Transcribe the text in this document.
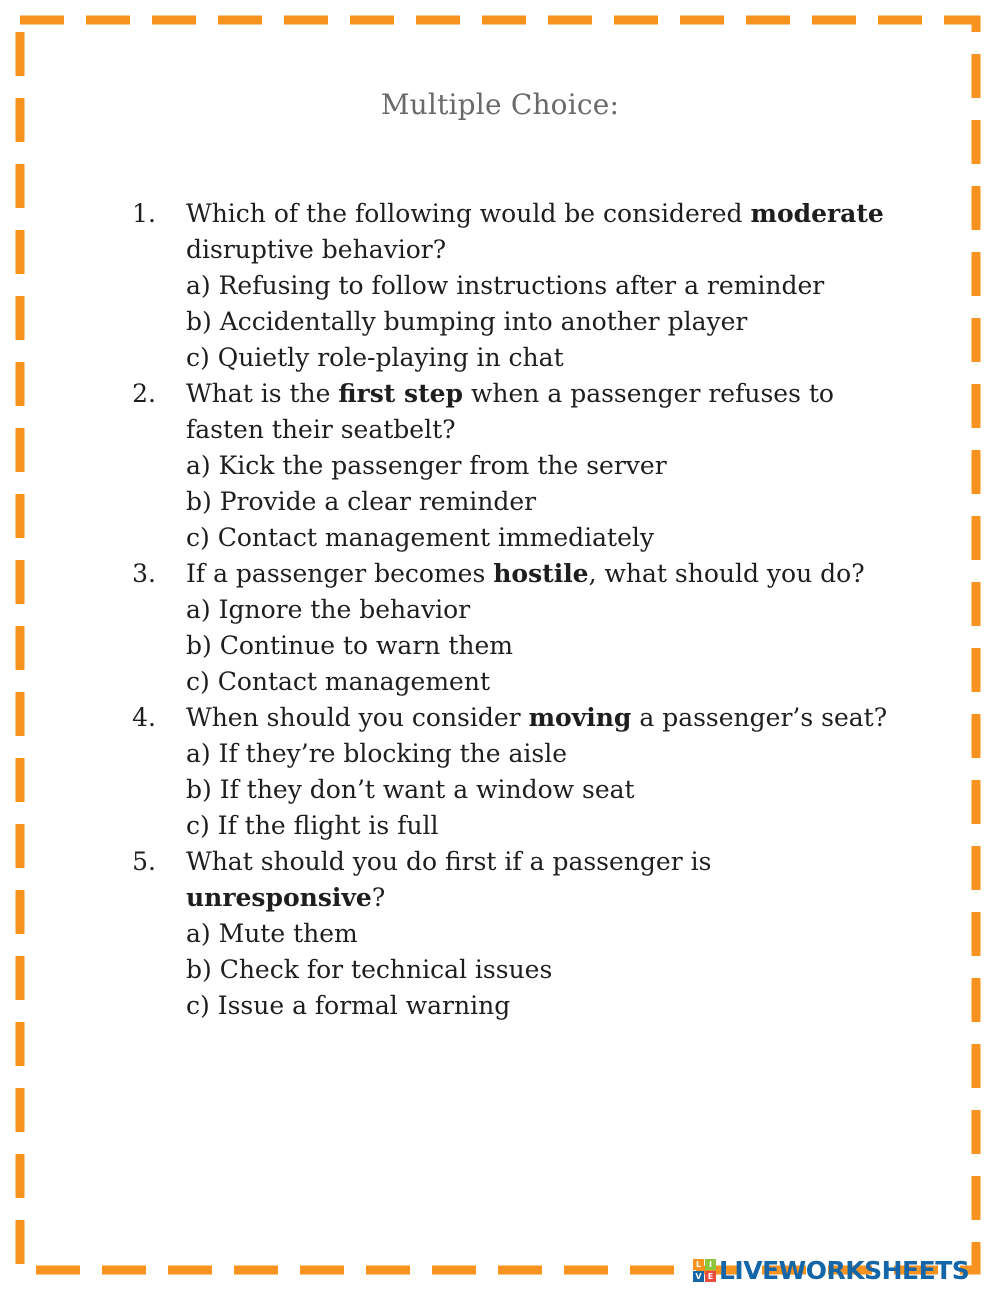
Multiple Choice:
1. Which of the following would be considered moderate disruptive behavior?
a) Refusing to follow instructions after a reminder
b) Accidentally bumping into another player
c) Quietly role-playing in chat
2. What is the first step when a passenger refuses to fasten their seatbelt?
a) Kick the passenger from the server
b) Provide a clear reminder
c) Contact management immediately
3. If a passenger becomes hostile, what should you do?
a) Ignore the behavior
b) Continue to warn them
c) Contact management
4. When should you consider moving a passenger’s seat?
a) If they’re blocking the aisle
b) If they don’t want a window seat
c) If the flight is full
5. What should you do first if a passenger is unresponsive?
a) Mute them
b) Check for technical issues
c) Issue a formal warning
L I
V E LIVEWORKSHEETS
